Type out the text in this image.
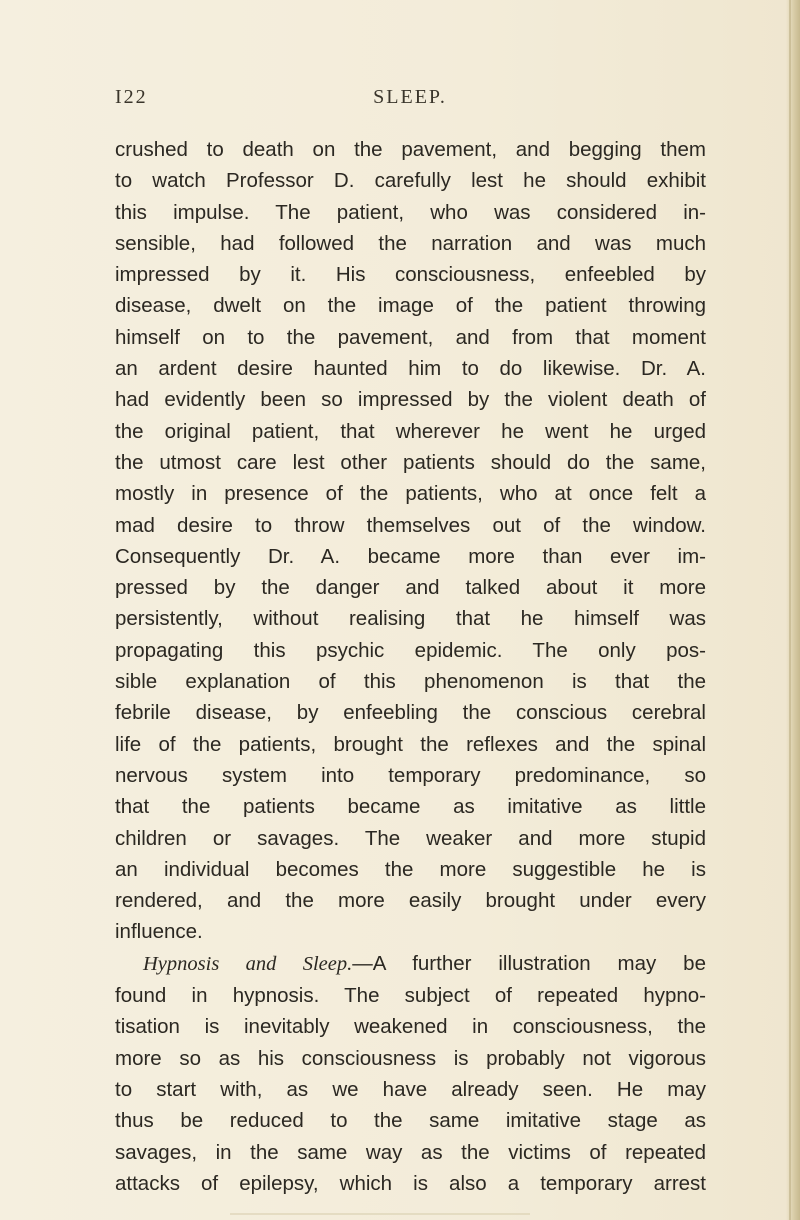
I22	SLEEP.
crushed to death on the pavement, and begging them
to watch Professor D. carefully lest he should exhibit
this impulse. The patient, who was considered in-
sensible, had followed the narration and was much
impressed by it. His consciousness, enfeebled by
disease, dwelt on the image of the patient throwing
himself on to the pavement, and from that moment
an ardent desire haunted him to do likewise. Dr. A.
had evidently been so impressed by the violent death of
the original patient, that wherever he went he urged
the utmost care lest other patients should do the same,
mostly in presence of the patients, who at once felt a
mad desire to throw themselves out of the window.
Consequently Dr. A. became more than ever im-
pressed by the danger and talked about it more
persistently, without realising that he himself was
propagating this psychic epidemic. The only pos-
sible explanation of this phenomenon is that the
febrile disease, by enfeebling the conscious cerebral
life of the patients, brought the reflexes and the spinal
nervous system into temporary predominance, so
that the patients became as imitative as little
children or savages. The weaker and more stupid
an individual becomes the more suggestible he is
rendered, and the more easily brought under every
influence.
Hypnosis and Sleep.—A further illustration may be
found in hypnosis. The subject of repeated hypno-
tisation is inevitably weakened in consciousness, the
more so as his consciousness is probably not vigorous
to start with, as we have already seen. He may
thus be reduced to the same imitative stage as
savages, in the same way as the victims of repeated
attacks of epilepsy, which is also a temporary arrest
